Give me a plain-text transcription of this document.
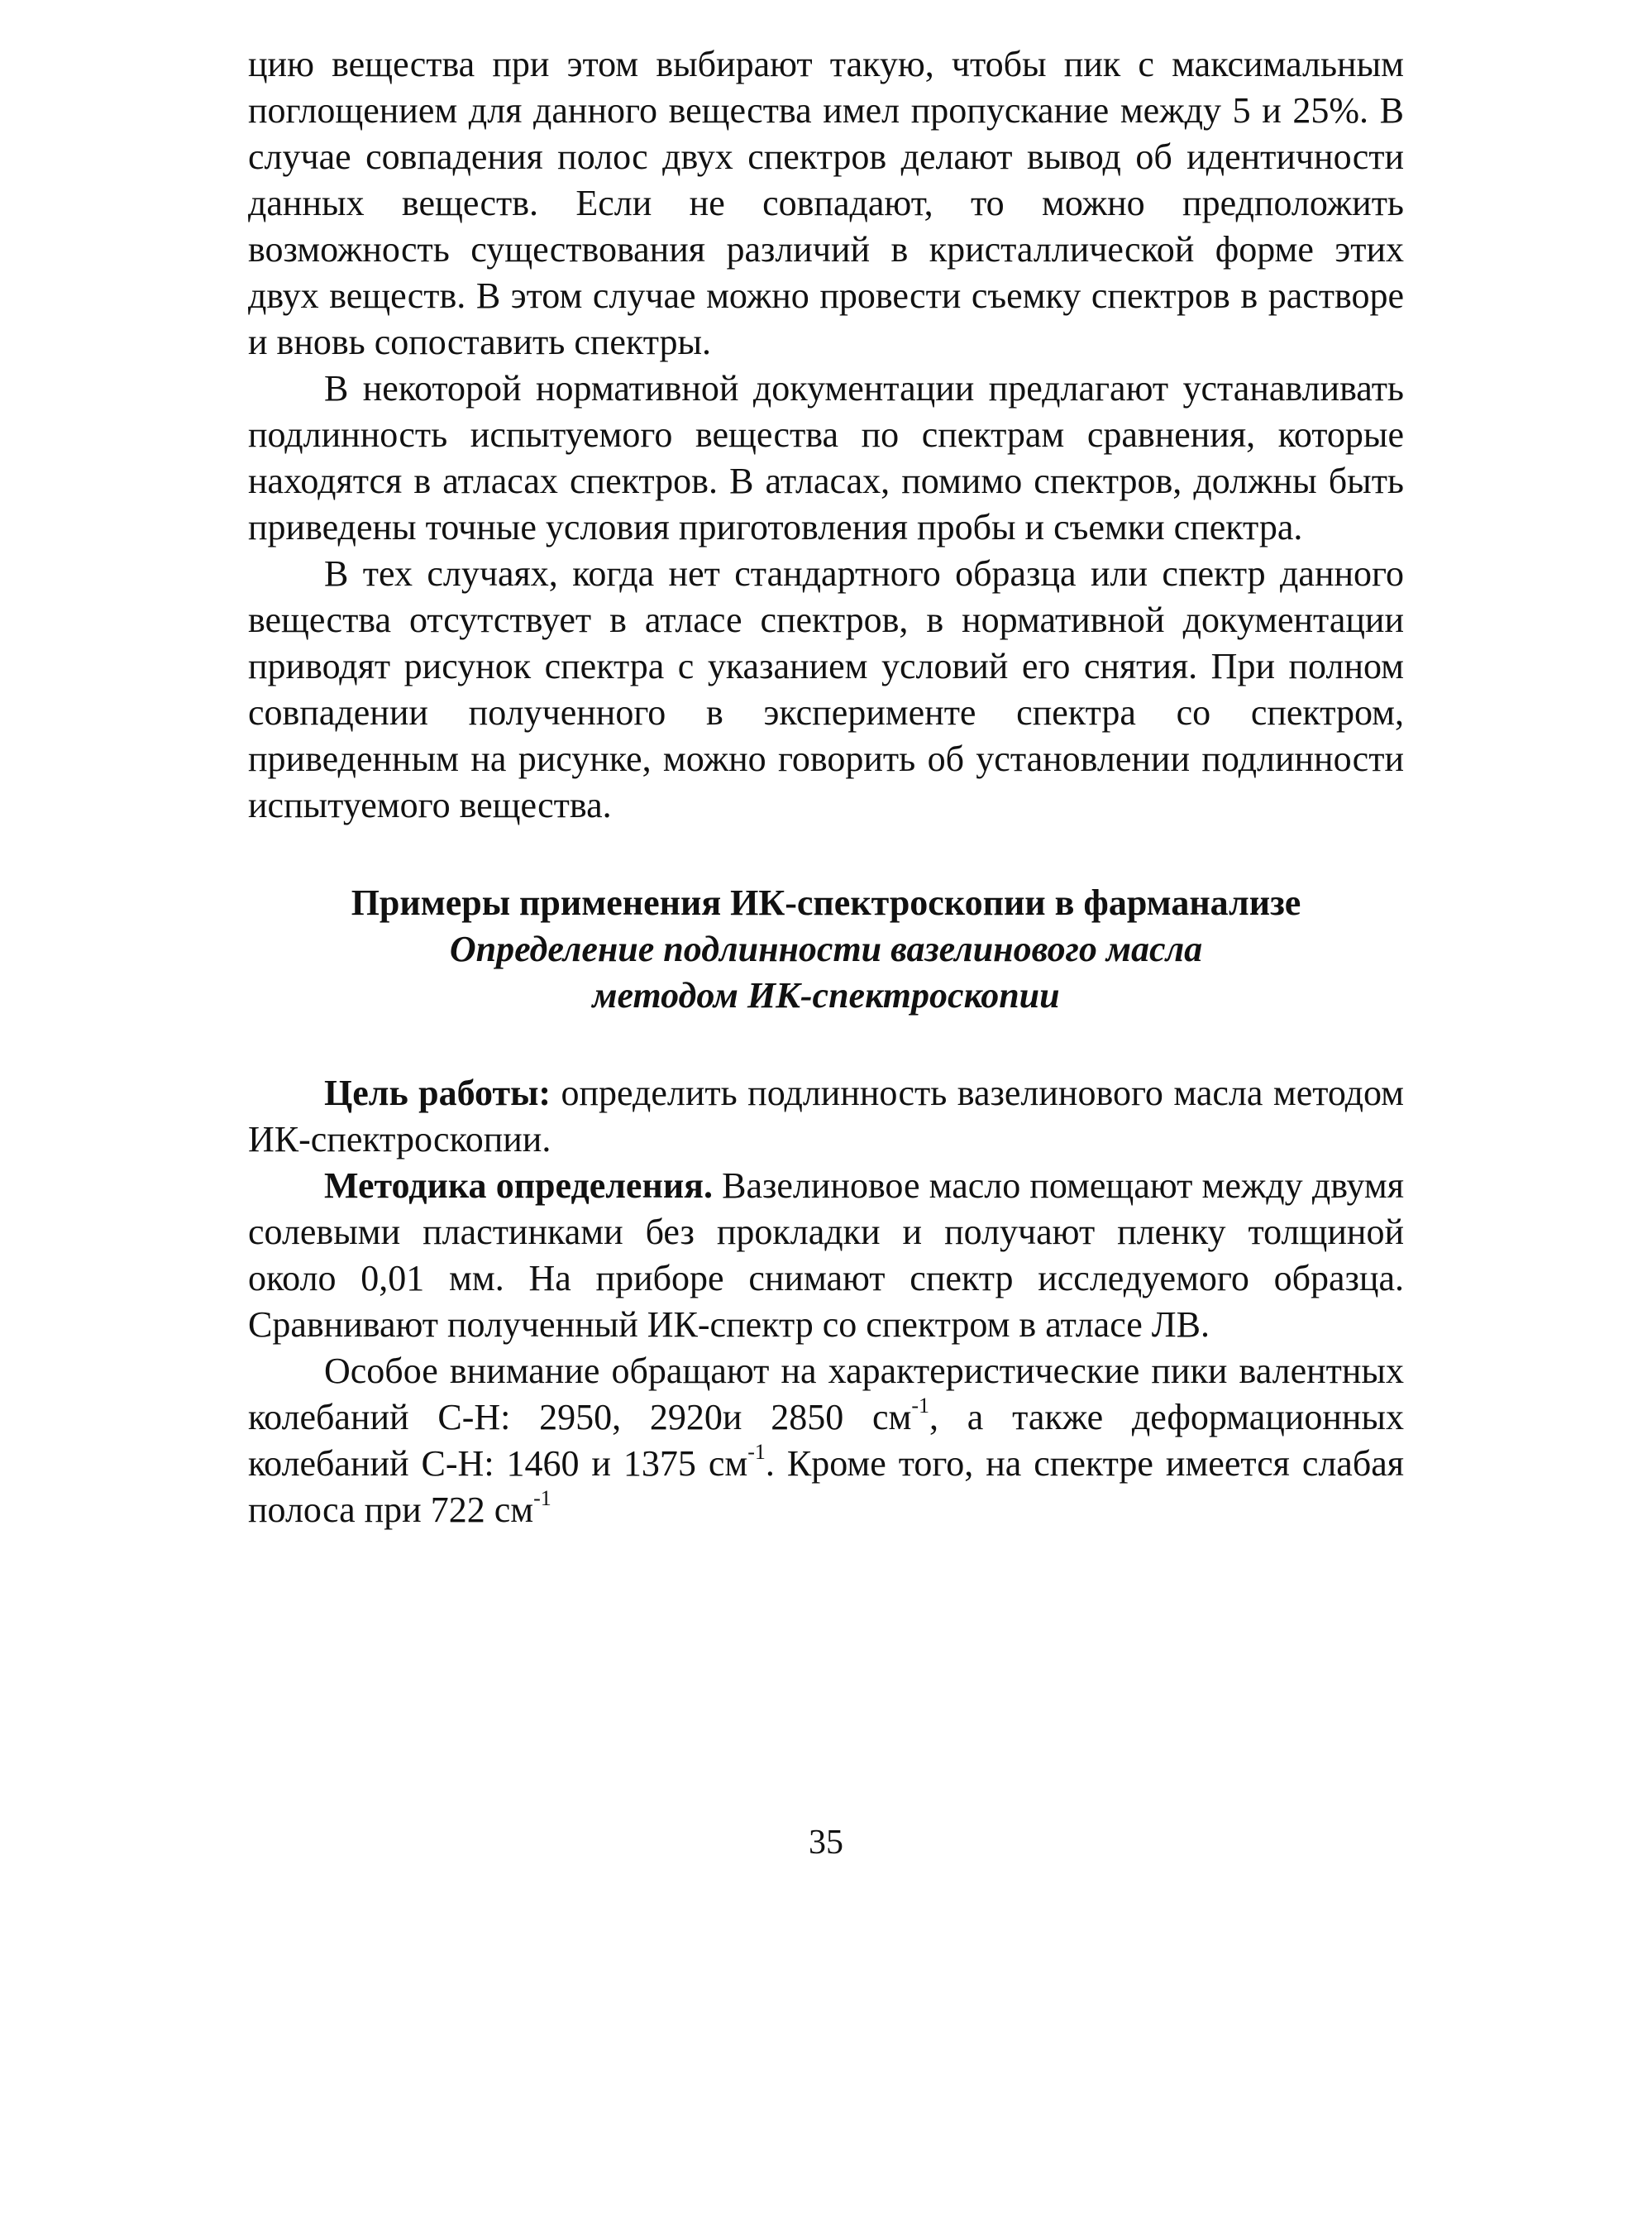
цию вещества при этом выбирают такую, чтобы пик с максимальным поглощением для данного вещества имел пропускание между 5 и 25%. В случае совпадения полос двух спектров делают вывод об идентичности данных веществ. Если не совпадают, то можно предположить возможность существования различий в кристаллической форме этих двух веществ. В этом случае можно провести съемку спектров в растворе и вновь сопоставить спектры.

В некоторой нормативной документации предлагают устанавливать подлинность испытуемого вещества по спектрам сравнения, которые находятся в атласах спектров. В атласах, помимо спектров, должны быть приведены точные условия приготовления пробы и съемки спектра.

В тех случаях, когда нет стандартного образца или спектр данного вещества отсутствует в атласе спектров, в нормативной документации приводят рисунок спектра с указанием условий его снятия. При полном совпадении полученного в эксперименте спектра со спектром, приведенным на рисунке, можно говорить об установлении подлинности испытуемого вещества.

Примеры применения ИК-спектроскопии в фарманализе

Определение подлинности вазелинового масла

методом ИК-спектроскопии

Цель работы: определить подлинность вазелинового масла методом ИК-спектроскопии.

Методика определения. Вазелиновое масло помещают между двумя солевыми пластинками без прокладки и получают пленку толщиной около 0,01 мм. На приборе снимают спектр исследуемого образца. Сравнивают полученный ИК-спектр со спектром в атласе ЛВ.

Особое внимание обращают на характеристические пики валентных колебаний С-Н: 2950, 2920и 2850 $см^{-1}$, а также деформационных колебаний С-Н: 1460 и 1375 $см^{-1}$. Кроме того, на спектре имеется слабая полоса при 722 $см^{-1}$

35
